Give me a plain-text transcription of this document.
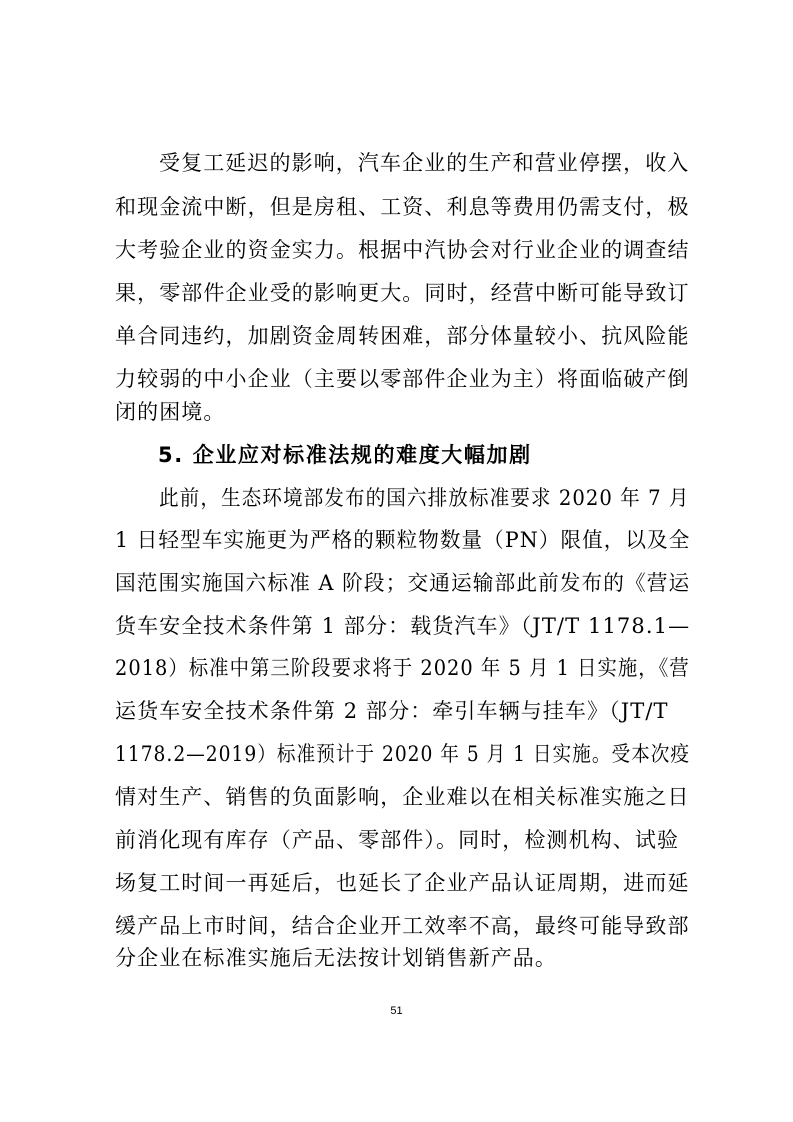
受复工延迟的影响，汽车企业的生产和营业停摆，收入
和现金流中断，但是房租、工资、利息等费用仍需支付，极
大考验企业的资金实力。根据中汽协会对行业企业的调查结
果，零部件企业受的影响更大。同时，经营中断可能导致订
单合同违约，加剧资金周转困难，部分体量较小、抗风险能
力较弱的中小企业（主要以零部件企业为主）将面临破产倒
闭的困境。
5. 企业应对标准法规的难度大幅加剧
此前，生态环境部发布的国六排放标准要求 2020 年 7 月
1 日轻型车实施更为严格的颗粒物数量（PN）限值，以及全
国范围实施国六标准 A 阶段；交通运输部此前发布的《营运
货车安全技术条件第 1 部分：载货汽车》（JT/T 1178.1—
2018）标准中第三阶段要求将于 2020 年 5 月 1 日实施，《营
运货车安全技术条件第 2 部分：牵引车辆与挂车》（JT/T
1178.2—2019）标准预计于 2020 年 5 月 1 日实施。受本次疫
情对生产、销售的负面影响，企业难以在相关标准实施之日
前消化现有库存（产品、零部件）。同时，检测机构、试验
场复工时间一再延后，也延长了企业产品认证周期，进而延
缓产品上市时间，结合企业开工效率不高，最终可能导致部
分企业在标准实施后无法按计划销售新产品。
51
